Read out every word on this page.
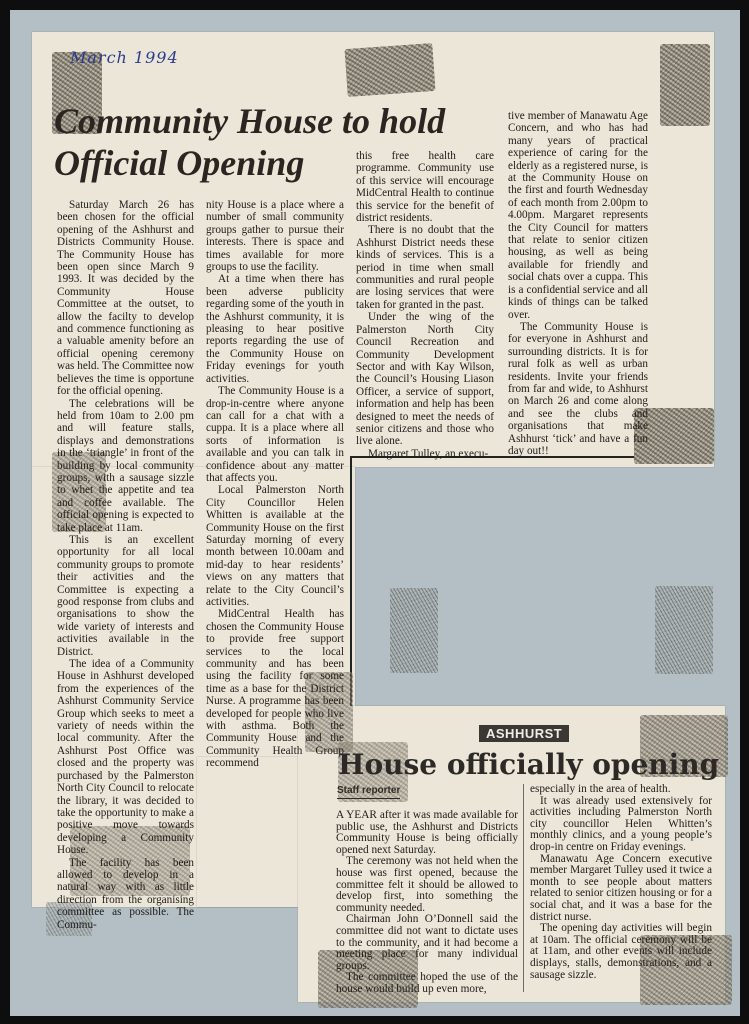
March 1994
Community House to hold
Official Opening

Saturday March 26 has been chosen for the official opening of the Ashhurst and Districts Community House. The Community House has been open since March 9 1993. It was decided by the Community House Committee at the outset, to allow the facilty to develop and commence functioning as a valuable amenity before an official opening ceremony was held. The Committee now believes the time is opportune for the official opening.

The celebrations will be held from 10am to 2.00 pm and will feature stalls, displays and demonstrations in the ‘triangle’ in front of the building by local community groups, with a sausage sizzle to whet the appetite and tea and coffee available. The official opening is expected to take place at 11am.

This is an excellent opportunity for all local community groups to promote their activities and the Committee is expecting a good response from clubs and organisations to show the wide variety of interests and activities available in the District.

The idea of a Community House in Ashhurst developed from the experiences of the Ashhurst Community Service Group which seeks to meet a variety of needs within the local community. After the Ashhurst Post Office was closed and the property was purchased by the Palmerston North City Council to relocate the library, it was decided to take the opportunity to make a positive move towards developing a Community House.

The facility has been allowed to develop in a natural way with as little direction from the organising committee as possible. The Commu-

nity House is a place where a number of small community groups gather to pursue their interests. There is space and times available for more groups to use the facility.

At a time when there has been adverse publicity regarding some of the youth in the Ashhurst community, it is pleasing to hear positive reports regarding the use of the Community House on Friday evenings for youth activities.

The Community House is a drop-in-centre where anyone can call for a chat with a cuppa. It is a place where all sorts of information is available and you can talk in confidence about any matter that affects you.

Local Palmerston North City Councillor Helen Whitten is available at the Community House on the first Saturday morning of every month between 10.00am and mid-day to hear residents’ views on any matters that relate to the City Council’s activities.

MidCentral Health has chosen the Community House to provide free support services to the local community and has been using the facility for some time as a base for the District Nurse. A programme has been developed for people who live with asthma. Both the Community House and the Community Health Group recommend

this free health care programme. Community use of this service will encourage MidCentral Health to continue this service for the benefit of district residents.

There is no doubt that the Ashhurst District needs these kinds of services. This is a period in time when small communities and rural people are losing services that were taken for granted in the past.

Under the wing of the Palmerston North City Council Recreation and Community Development Sector and with Kay Wilson, the Council’s Housing Liason Officer, a service of support, information and help has been designed to meet the needs of senior citizens and those who live alone.

Margaret Tulley, an execu-

tive member of Manawatu Age Concern, and who has had many years of practical experience of caring for the elderly as a registered nurse, is at the Community House on the first and fourth Wednesday of each month from 2.00pm to 4.00pm. Margaret represents the City Council for matters that relate to senior citizen housing, as well as being available for friendly and social chats over a cuppa. This is a confidential service and all kinds of things can be talked over.

The Community House is for everyone in Ashhurst and surrounding districts. It is for rural folk as well as urban residents. Invite your friends from far and wide, to Ashhurst on March 26 and come along and see the clubs and organisations that make Ashhurst ‘tick’ and have a fun day out!!

ASHHURST
House officially opening
Staff reporter

A YEAR after it was made available for public use, the Ashhurst and Districts Community House is being officially opened next Saturday.

The ceremony was not held when the house was first opened, because the committee felt it should be allowed to develop first, into something the community needed.

Chairman John O’Donnell said the committee did not want to dictate uses to the community, and it had become a meeting place for many individual groups.

The committee hoped the use of the house would build up even more,

especially in the area of health.

It was already used extensively for activities including Palmerston North city councillor Helen Whitten’s monthly clinics, and a young people’s drop-in centre on Friday evenings.

Manawatu Age Concern executive member Margaret Tulley used it twice a month to see people about matters related to senior citizen housing or for a social chat, and it was a base for the district nurse.

The opening day activities will begin at 10am. The official ceremony will be at 11am, and other events will include displays, stalls, demonstrations, and a sausage sizzle.
